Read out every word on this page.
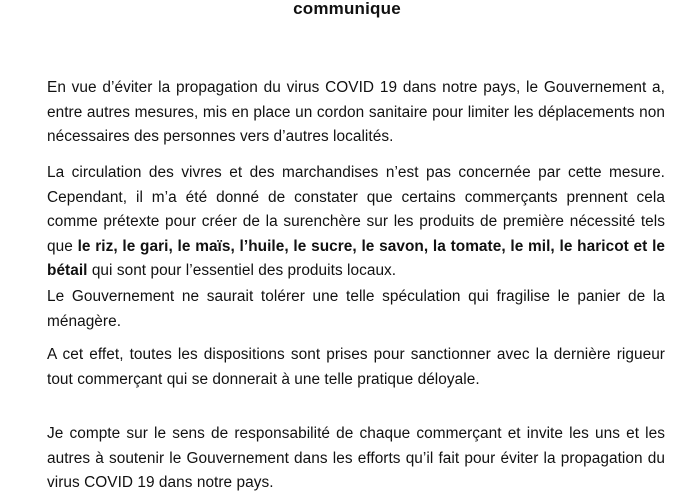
communique

En vue d’éviter la propagation du virus COVID 19 dans notre pays, le Gouvernement a, entre autres mesures, mis en place un cordon sanitaire pour limiter les déplacements non nécessaires des personnes vers d’autres localités.

La circulation des vivres et des marchandises n’est pas concernée par cette mesure. Cependant, il m’a été donné de constater que certains commerçants prennent cela comme prétexte pour créer de la surenchère sur les produits de première nécessité tels que le riz, le gari, le maïs, l’huile, le sucre, le savon, la tomate, le mil, le haricot et le bétail qui sont pour l’essentiel des produits locaux.

Le Gouvernement ne saurait tolérer une telle spéculation qui fragilise le panier de la ménagère.

A cet effet, toutes les dispositions sont prises pour sanctionner avec la dernière rigueur tout commerçant qui se donnerait à une telle pratique déloyale.

Je compte sur le sens de responsabilité de chaque commerçant et invite les uns et les autres à soutenir le Gouvernement dans les efforts qu’il fait pour éviter la propagation du virus COVID 19 dans notre pays.
